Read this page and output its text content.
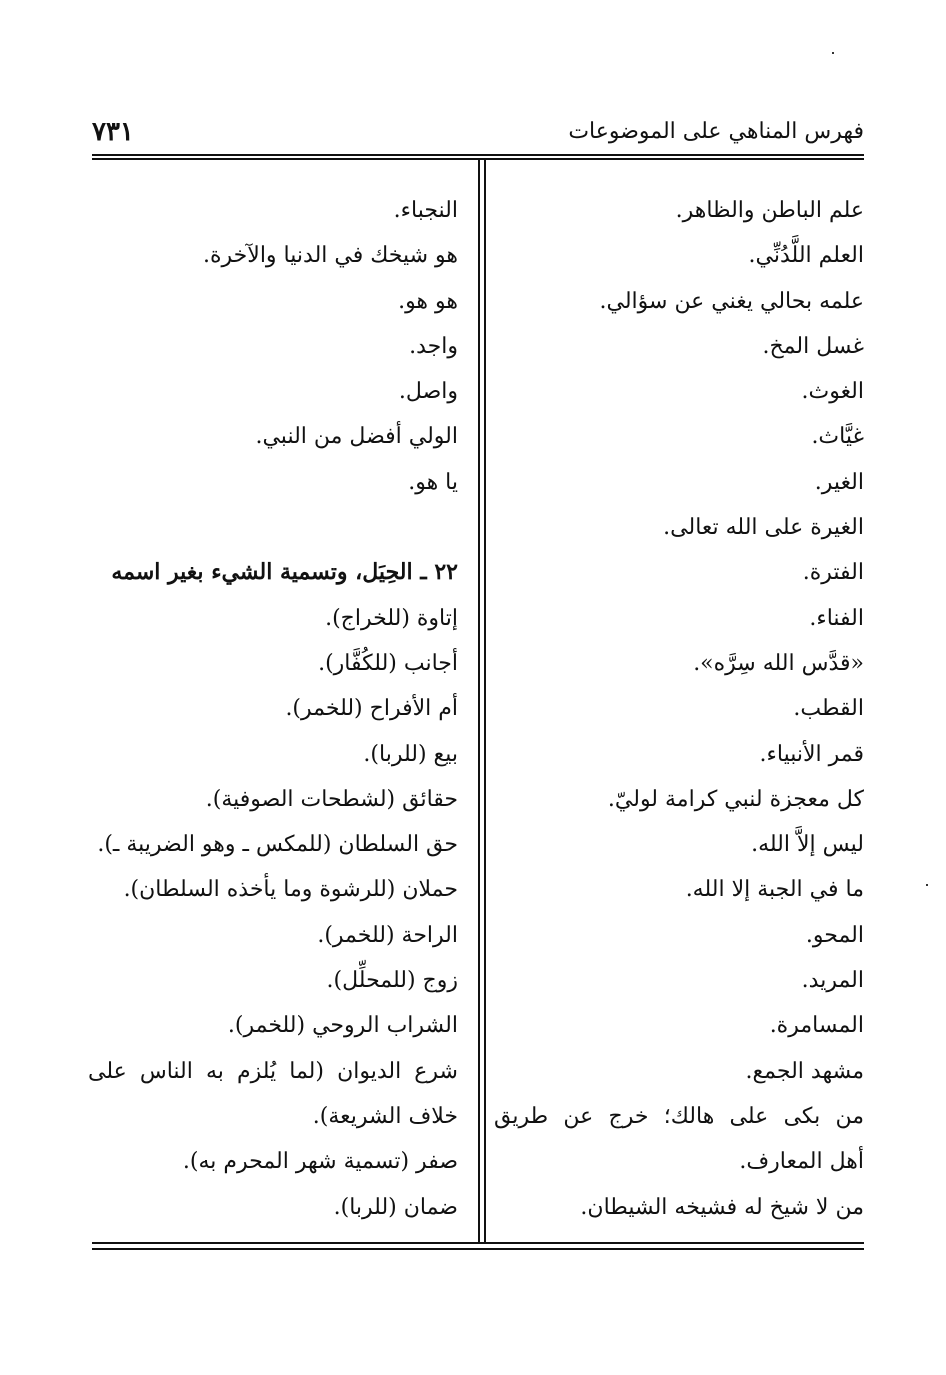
٧٣١	فهرس المناهي على الموضوعات
علم الباطن والظاهر.
العلم اللَّدُنِّي.
علمه بحالي يغني عن سؤالي.
غسل المخ.
الغوث.
غيَّاث.
الغير.
الغيرة على الله تعالى.
الفترة.
الفناء.
«قدَّس الله سِرَّه».
القطب.
قمر الأنبياء.
كل معجزة لنبي كرامة لوليّ.
ليس إلاَّ الله.
ما في الجبة إلا الله.
المحو.
المريد.
المسامرة.
مشهد الجمع.
من بكى على هالك؛ خرج عن طريق
أهل المعارف.
من لا شيخ له فشيخه الشيطان.
النجباء.
هو شيخك في الدنيا والآخرة.
هو هو.
واجد.
واصل.
الولي أفضل من النبي.
يا هو.
٢٢ ـ الحِيَل، وتسمية الشيء بغير اسمه
إتاوة (للخراج).
أجانب (للكُفَّار).
أم الأفراح (للخمر).
بيع (للربا).
حقائق (لشطحات الصوفية).
حق السلطان (للمكس ـ وهو الضريبة ـ).
حملان (للرشوة وما يأخذه السلطان).
الراحة (للخمر).
زوج (للمحلِّل).
الشراب الروحي (للخمر).
شرع الديوان (لما يُلزم به الناس على
خلاف الشريعة).
صفر (تسمية شهر المحرم به).
ضمان (للربا).
